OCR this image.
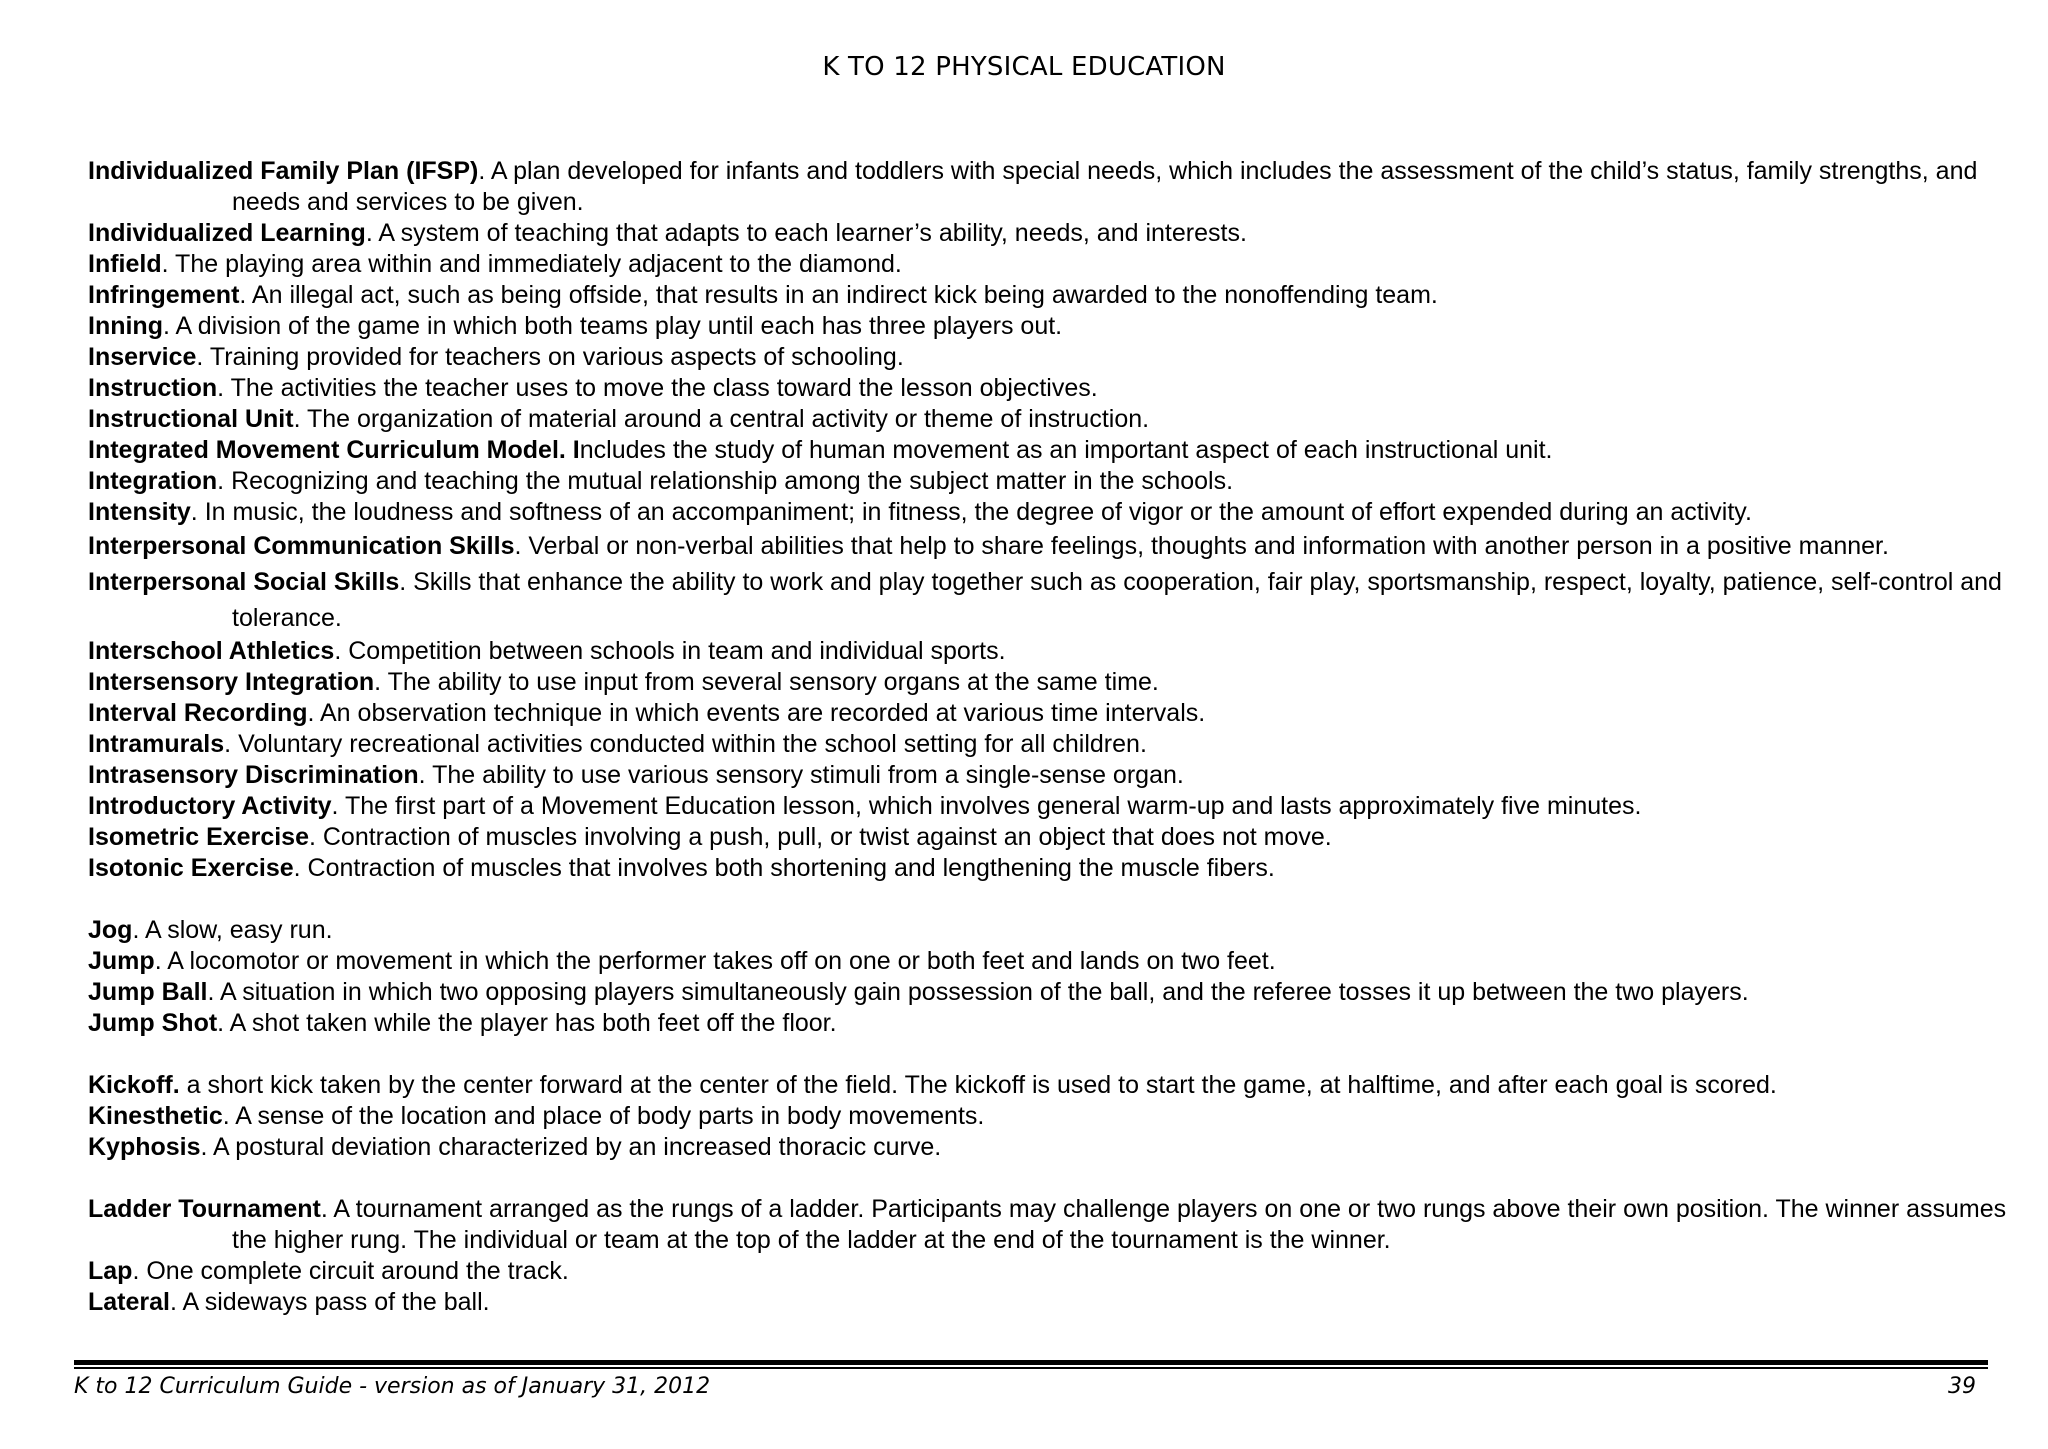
K TO 12 PHYSICAL EDUCATION
Individualized Family Plan (IFSP). A plan developed for infants and toddlers with special needs, which includes the assessment of the child’s status, family strengths, and needs and services to be given.
Individualized Learning. A system of teaching that adapts to each learner’s ability, needs, and interests.
Infield. The playing area within and immediately adjacent to the diamond.
Infringement. An illegal act, such as being offside, that results in an indirect kick being awarded to the nonoffending team.
Inning. A division of the game in which both teams play until each has three players out.
Inservice. Training provided for teachers on various aspects of schooling.
Instruction. The activities the teacher uses to move the class toward the lesson objectives.
Instructional Unit. The organization of material around a central activity or theme of instruction.
Integrated Movement Curriculum Model. Includes the study of human movement as an important aspect of each instructional unit.
Integration. Recognizing and teaching the mutual relationship among the subject matter in the schools.
Intensity. In music, the loudness and softness of an accompaniment; in fitness, the degree of vigor or the amount of effort expended during an activity.
Interpersonal Communication Skills. Verbal or non-verbal abilities that help to share feelings, thoughts and information with another person in a positive manner.
Interpersonal Social Skills. Skills that enhance the ability to work and play together such as cooperation, fair play, sportsmanship, respect, loyalty, patience, self-control and tolerance.
Interschool Athletics. Competition between schools in team and individual sports.
Intersensory Integration. The ability to use input from several sensory organs at the same time.
Interval Recording. An observation technique in which events are recorded at various time intervals.
Intramurals. Voluntary recreational activities conducted within the school setting for all children.
Intrasensory Discrimination. The ability to use various sensory stimuli from a single-sense organ.
Introductory Activity. The first part of a Movement Education lesson, which involves general warm-up and lasts approximately five minutes.
Isometric Exercise. Contraction of muscles involving a push, pull, or twist against an object that does not move.
Isotonic Exercise. Contraction of muscles that involves both shortening and lengthening the muscle fibers.
Jog. A slow, easy run.
Jump. A locomotor or movement in which the performer takes off on one or both feet and lands on two feet.
Jump Ball. A situation in which two opposing players simultaneously gain possession of the ball, and the referee tosses it up between the two players.
Jump Shot. A shot taken while the player has both feet off the floor.
Kickoff. a short kick taken by the center forward at the center of the field. The kickoff is used to start the game, at halftime, and after each goal is scored.
Kinesthetic. A sense of the location and place of body parts in body movements.
Kyphosis. A postural deviation characterized by an increased thoracic curve.
Ladder Tournament. A tournament arranged as the rungs of a ladder. Participants may challenge players on one or two rungs above their own position. The winner assumes the higher rung. The individual or team at the top of the ladder at the end of the tournament is the winner.
Lap. One complete circuit around the track.
Lateral. A sideways pass of the ball.
K to 12 Curriculum Guide - version as of January 31, 2012	39
